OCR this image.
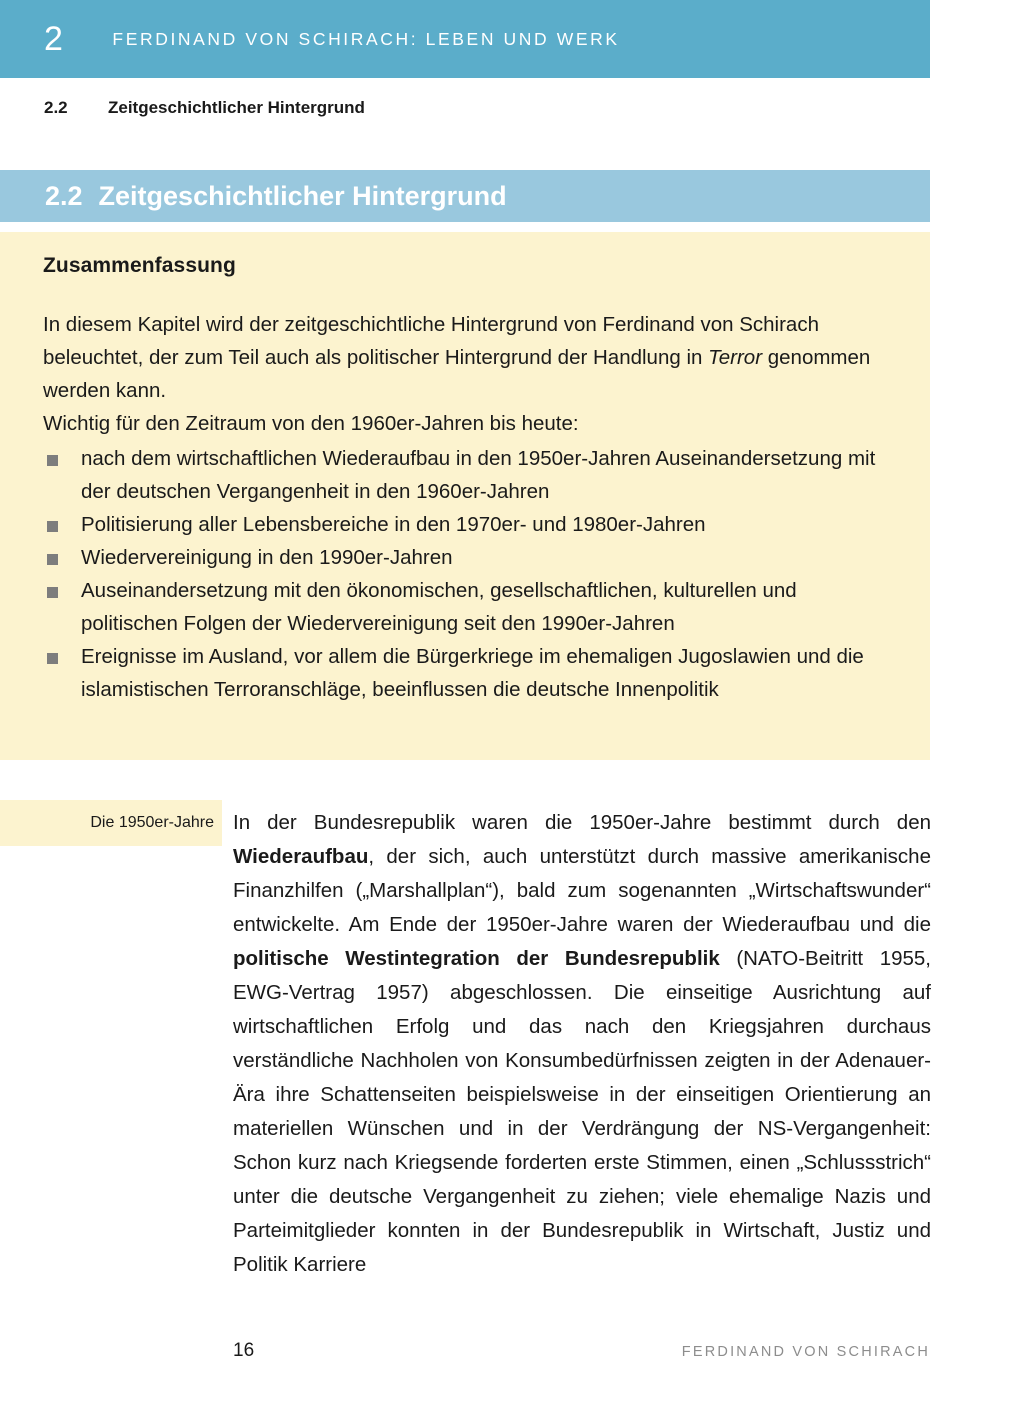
2	FERDINAND VON SCHIRACH: LEBEN UND WERK
2.2	Zeitgeschichtlicher Hintergrund
2.2 Zeitgeschichtlicher Hintergrund
Zusammenfassung

In diesem Kapitel wird der zeitgeschichtliche Hintergrund von Ferdinand von Schirach beleuchtet, der zum Teil auch als politischer Hintergrund der Handlung in Terror genommen werden kann.

Wichtig für den Zeitraum von den 1960er-Jahren bis heute:

nach dem wirtschaftlichen Wiederaufbau in den 1950er-Jahren Auseinandersetzung mit der deutschen Vergangenheit in den 1960er-Jahren
Politisierung aller Lebensbereiche in den 1970er- und 1980er-Jahren
Wiedervereinigung in den 1990er-Jahren
Auseinandersetzung mit den ökonomischen, gesellschaftlichen, kulturellen und politischen Folgen der Wiedervereinigung seit den 1990er-Jahren
Ereignisse im Ausland, vor allem die Bürgerkriege im ehemaligen Jugoslawien und die islamistischen Terroranschläge, beeinflussen die deutsche Innenpolitik
Die 1950er-Jahre In der Bundesrepublik waren die 1950er-Jahre bestimmt durch den Wiederaufbau, der sich, auch unterstützt durch massive amerikanische Finanzhilfen („Marshallplan“), bald zum sogenannten „Wirtschaftswunder“ entwickelte. Am Ende der 1950er-Jahre waren der Wiederaufbau und die politische Westintegration der Bundesrepublik (NATO-Beitritt 1955, EWG-Vertrag 1957) abgeschlossen. Die einseitige Ausrichtung auf wirtschaftlichen Erfolg und das nach den Kriegsjahren durchaus verständliche Nachholen von Konsumbedürfnissen zeigten in der Adenauer-Ära ihre Schattenseiten beispielsweise in der einseitigen Orientierung an materiellen Wünschen und in der Verdrängung der NS-Vergangenheit: Schon kurz nach Kriegsende forderten erste Stimmen, einen „Schlussstrich“ unter die deutsche Vergangenheit zu ziehen; viele ehemalige Nazis und Parteimitglieder konnten in der Bundesrepublik in Wirtschaft, Justiz und Politik Karriere

16	FERDINAND VON SCHIRACH
